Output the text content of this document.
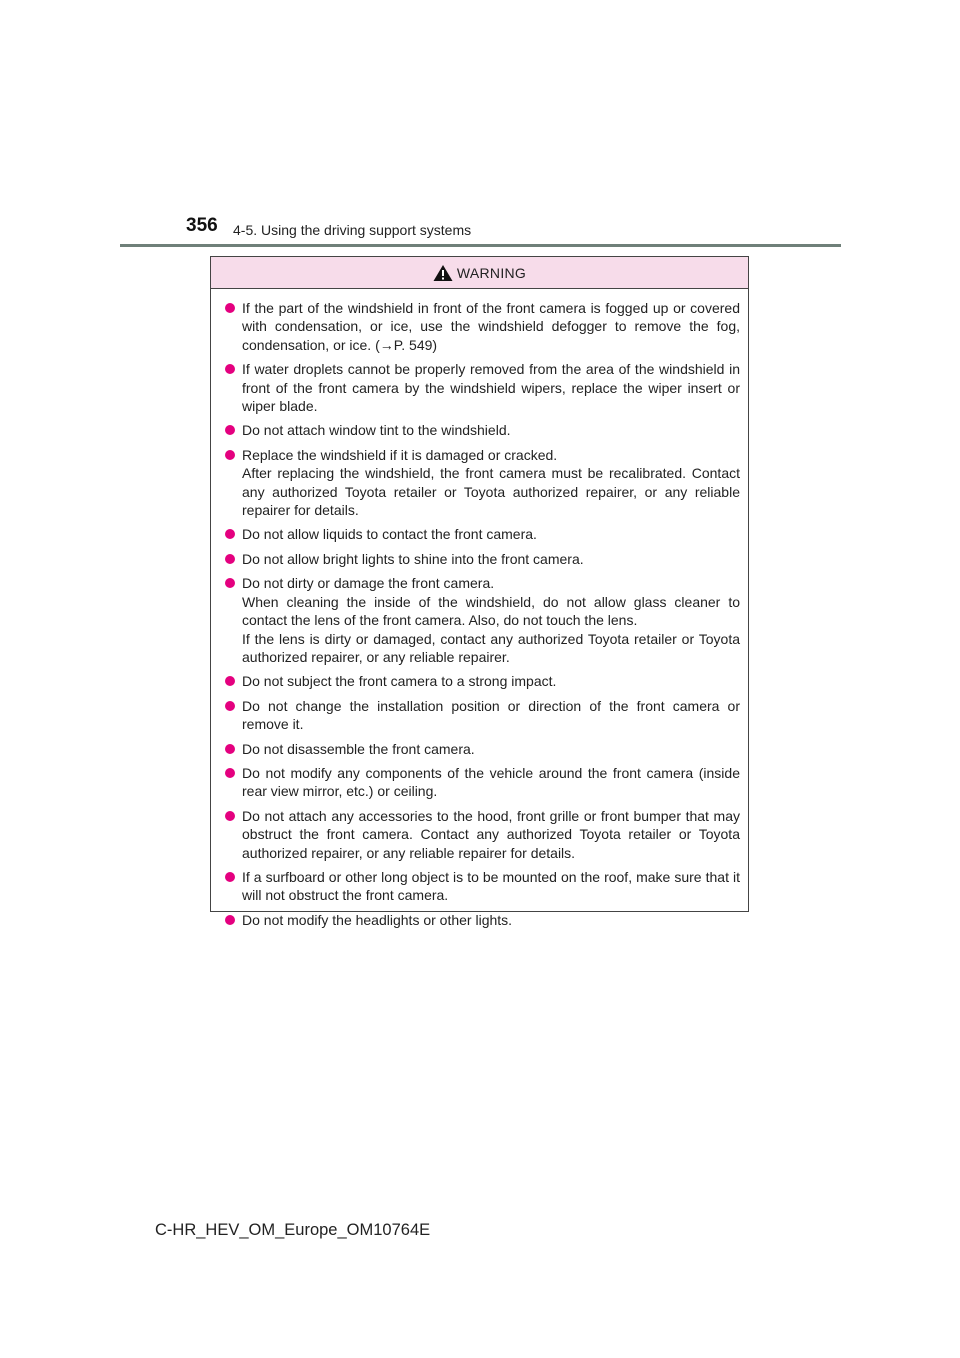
356 4-5. Using the driving support systems
WARNING
If the part of the windshield in front of the front camera is fogged up or covered with condensation, or ice, use the windshield defogger to remove the fog, condensation, or ice. (→P. 549)
If water droplets cannot be properly removed from the area of the windshield in front of the front camera by the windshield wipers, replace the wiper insert or wiper blade.
Do not attach window tint to the windshield.
Replace the windshield if it is damaged or cracked.
After replacing the windshield, the front camera must be recalibrated. Contact any authorized Toyota retailer or Toyota authorized repairer, or any reliable repairer for details.
Do not allow liquids to contact the front camera.
Do not allow bright lights to shine into the front camera.
Do not dirty or damage the front camera.
When cleaning the inside of the windshield, do not allow glass cleaner to contact the lens of the front camera. Also, do not touch the lens.
If the lens is dirty or damaged, contact any authorized Toyota retailer or Toyota authorized repairer, or any reliable repairer.
Do not subject the front camera to a strong impact.
Do not change the installation position or direction of the front camera or remove it.
Do not disassemble the front camera.
Do not modify any components of the vehicle around the front camera (inside rear view mirror, etc.) or ceiling.
Do not attach any accessories to the hood, front grille or front bumper that may obstruct the front camera. Contact any authorized Toyota retailer or Toyota authorized repairer, or any reliable repairer for details.
If a surfboard or other long object is to be mounted on the roof, make sure that it will not obstruct the front camera.
Do not modify the headlights or other lights.
C-HR_HEV_OM_Europe_OM10764E
